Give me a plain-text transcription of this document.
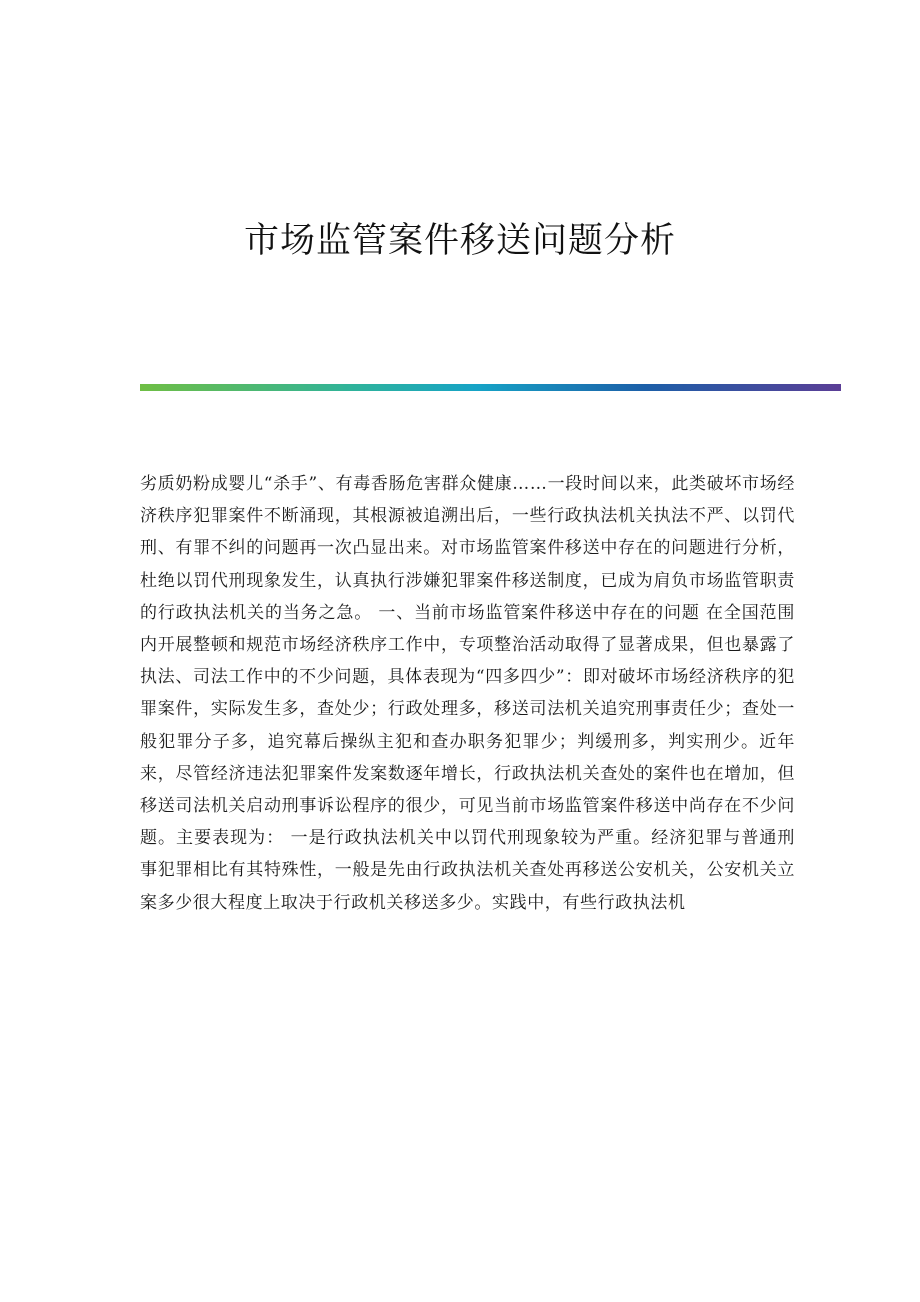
市场监管案件移送问题分析

劣质奶粉成婴儿“杀手”、有毒香肠危害群众健康……一段时间以来，此类破坏市场经济秩序犯罪案件不断涌现，其根源被追溯出后，一些行政执法机关执法不严、以罚代刑、有罪不纠的问题再一次凸显出来。对市场监管案件移送中存在的问题进行分析，杜绝以罚代刑现象发生，认真执行涉嫌犯罪案件移送制度，已成为肩负市场监管职责的行政执法机关的当务之急。 一、当前市场监管案件移送中存在的问题 在全国范围内开展整顿和规范市场经济秩序工作中，专项整治活动取得了显著成果，但也暴露了执法、司法工作中的不少问题，具体表现为“四多四少”：即对破坏市场经济秩序的犯罪案件，实际发生多，查处少；行政处理多，移送司法机关追究刑事责任少；查处一般犯罪分子多，追究幕后操纵主犯和查办职务犯罪少；判缓刑多，判实刑少。近年来，尽管经济违法犯罪案件发案数逐年增长，行政执法机关查处的案件也在增加，但移送司法机关启动刑事诉讼程序的很少，可见当前市场监管案件移送中尚存在不少问题。主要表现为： 一是行政执法机关中以罚代刑现象较为严重。经济犯罪与普通刑事犯罪相比有其特殊性，一般是先由行政执法机关查处再移送公安机关，公安机关立案多少很大程度上取决于行政机关移送多少。实践中，有些行政执法机
